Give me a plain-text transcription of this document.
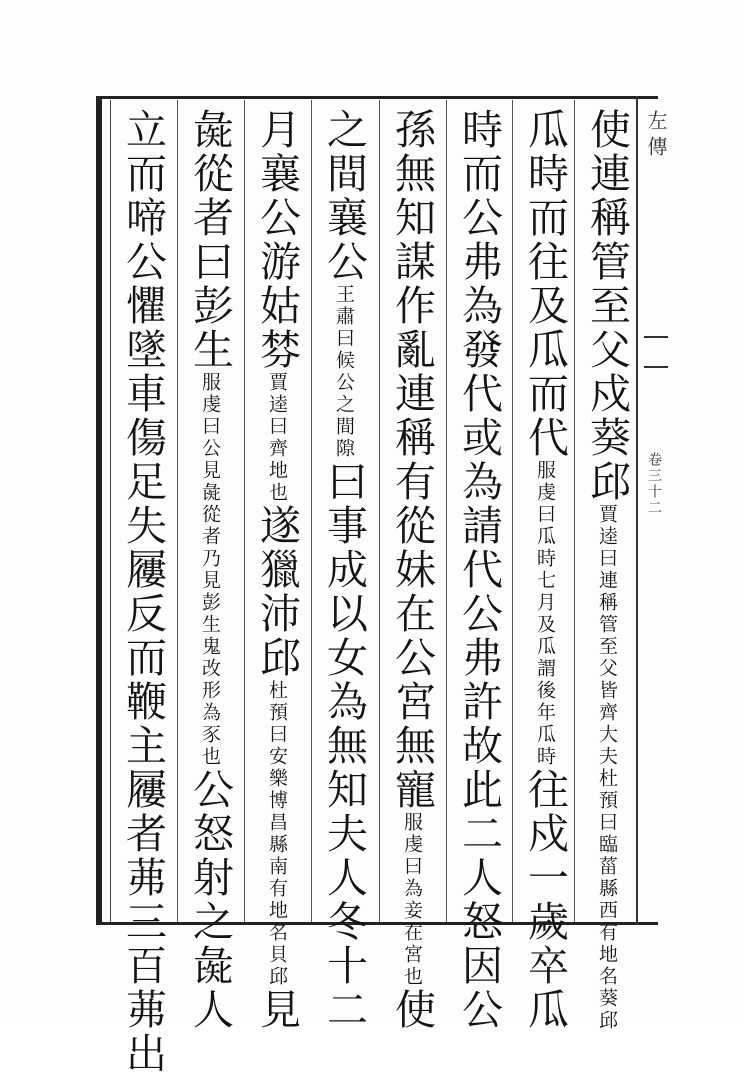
使連稱管至父戍葵邱賈逵曰連稱管至父皆齊大夫杜預曰臨菑縣西有地名葵邱
瓜時而往及瓜而代服虔曰瓜時七月及瓜謂後年瓜時往戍一歲卒瓜
時而公弗為發代或為請代公弗許故此二人怒因公
孫無知謀作亂連稱有從妹在公宮無寵服虔曰為妾在宮也使
之間襄公王肅曰候公之間隙曰事成以女為無知夫人冬十二
月襄公游姑棼賈逵曰齊地也遂獵沛邱杜預曰安樂博昌縣南有地名貝邱見
彘從者曰彭生服虔曰公見彘從者乃見彭生鬼改形為豕也公怒射之彘人
立而啼公懼墜車傷足失屨反而鞭主屨者茀三百茀出	左傳
卷三十二
